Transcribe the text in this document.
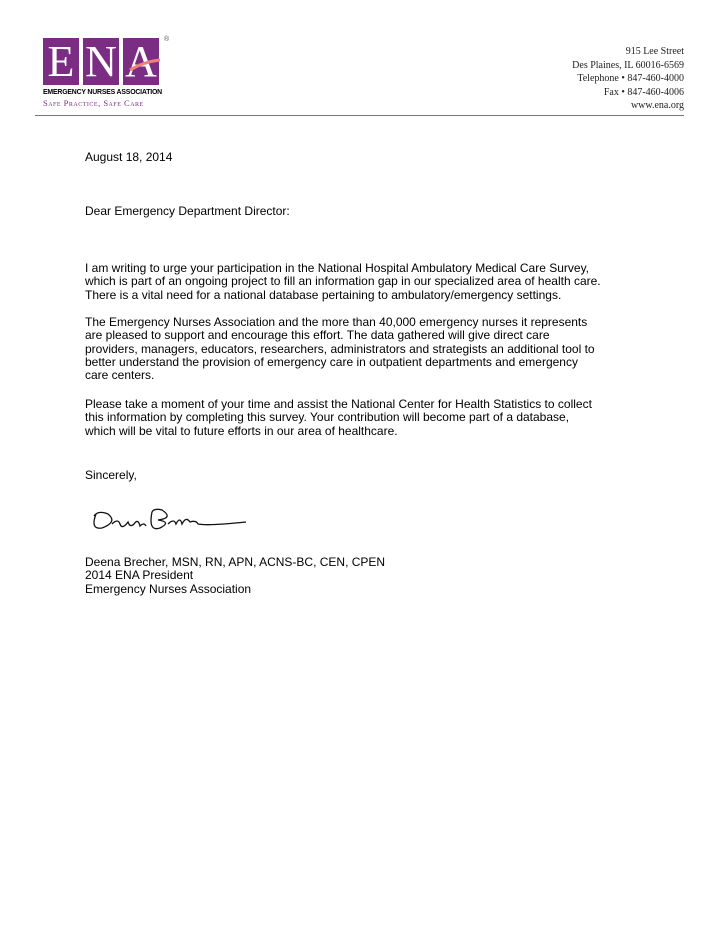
E N A	®
EMERGENCY NURSES ASSOCIATION
Safe Practice, Safe Care
915 Lee Street
Des Plaines, IL 60016-6569
Telephone • 847-460-4000
Fax • 847-460-4006
www.ena.org
August 18, 2014
Dear Emergency Department Director:
I am writing to urge your participation in the National Hospital Ambulatory Medical Care Survey,
which is part of an ongoing project to fill an information gap in our specialized area of health care.
There is a vital need for a national database pertaining to ambulatory/emergency settings.
The Emergency Nurses Association and the more than 40,000 emergency nurses it represents
are pleased to support and encourage this effort. The data gathered will give direct care
providers, managers, educators, researchers, administrators and strategists an additional tool to
better understand the provision of emergency care in outpatient departments and emergency
care centers.
Please take a moment of your time and assist the National Center for Health Statistics to collect
this information by completing this survey. Your contribution will become part of a database,
which will be vital to future efforts in our area of healthcare.
Sincerely,
Deena Brecher, MSN, RN, APN, ACNS-BC, CEN, CPEN
2014 ENA President
Emergency Nurses Association
